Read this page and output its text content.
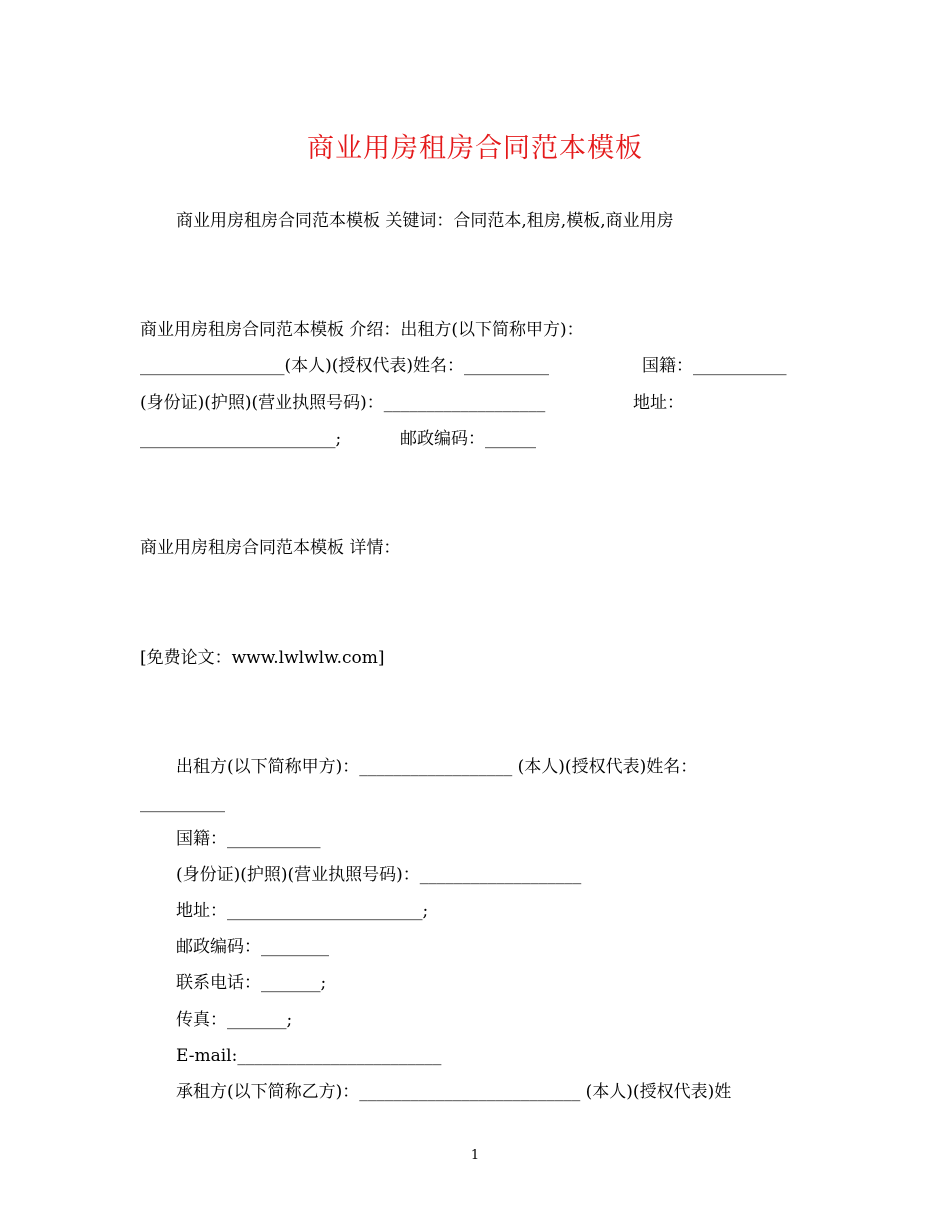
商业用房租房合同范本模板
商业用房租房合同范本模板 关键词：合同范本,租房,模板,商业用房
商业用房租房合同范本模板 介绍：出租方(以下简称甲方)：
_________________(本人)(授权代表)姓名：__________	国籍：___________
(身份证)(护照)(营业执照号码)：___________________	地址：
_______________________;	邮政编码：______
商业用房租房合同范本模板 详情：
[免费论文：www.lwlwlw.com]
出租方(以下简称甲方)：__________________ (本人)(授权代表)姓名：
__________
国籍：___________
(身份证)(护照)(营业执照号码)：___________________
地址：_______________________;
邮政编码：________
联系电话：_______;
传真：_______;
E-mail:________________________
承租方(以下简称乙方)：__________________________ (本人)(授权代表)姓
1
